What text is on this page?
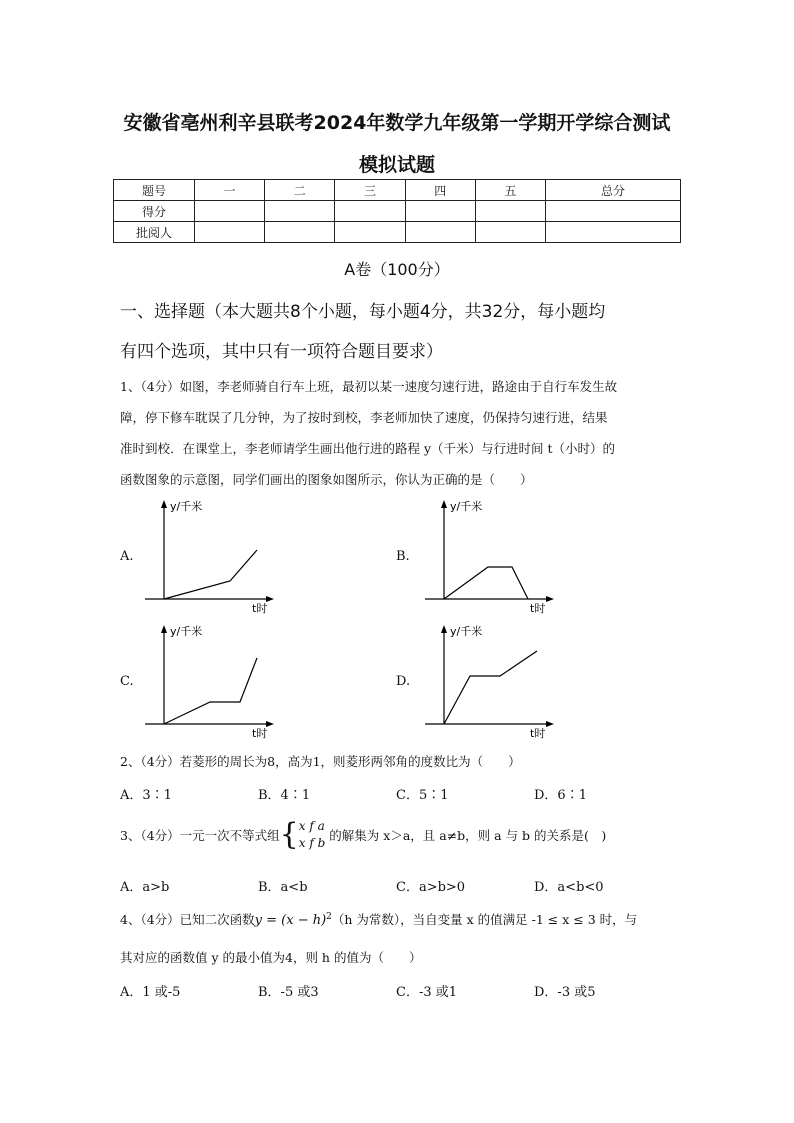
安徽省亳州利辛县联考2024年数学九年级第一学期开学综合测试
模拟试题
题号	一	二	三	四	五	总分
得分						
批阅人						
A卷（100分）
一、选择题（本大题共8个小题，每小题4分，共32分，每小题均
有四个选项，其中只有一项符合题目要求）
1、（4分）如图，李老师骑自行车上班，最初以某一速度匀速行进，路途由于自行车发生故
障，停下修车耽误了几分钟，为了按时到校，李老师加快了速度，仍保持匀速行进，结果
准时到校．在课堂上，李老师请学生画出他行进的路程 y（千米）与行进时间 t（小时）的
函数图象的示意图，同学们画出的图象如图所示，你认为正确的是（　　）
A.	B.
C.	D.
y/千米
t时
y/千米
t时
y/千米
t时
y/千米
t时
2、（4分）若菱形的周长为8，高为1，则菱形两邻角的度数比为（　　）
A．3∶1	B．4∶1	C．5∶1	D．6∶1
3、（4分）一元一次不等式组 { x f a
x f b 的解集为 x＞a，且 a≠b，则 a 与 b 的关系是(　)
A．a>b	B．a<b	C．a>b>0	D．a<b<0
4、（4分）已知二次函数$y = (x - h)^2(h$ 为常数），当自变量 x 的值满足 -1 ≤ x ≤ 3 时，与
其对应的函数值 y 的最小值为4，则 h 的值为（　　）
A．1 或-5	B．-5 或3	C．-3 或1	D．-3 或5
